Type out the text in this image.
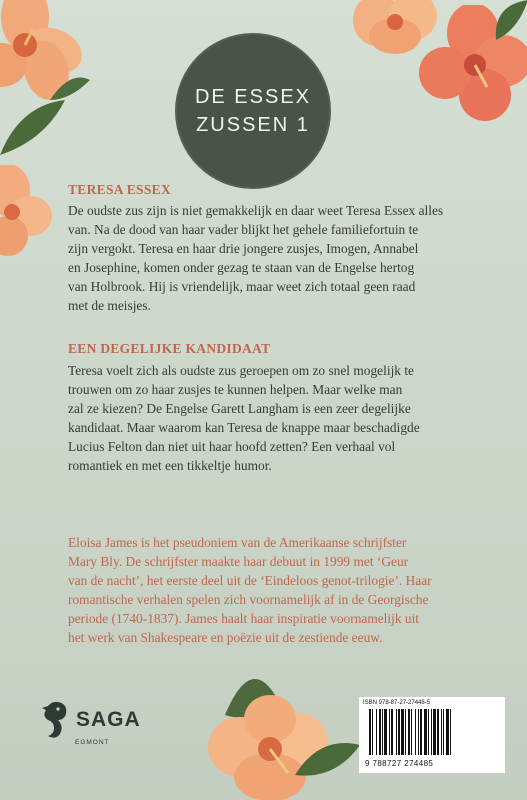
DE ESSEX
ZUSSEN 1
TERESA ESSEX

De oudste zus zijn is niet gemakkelijk en daar weet Teresa Essex alles
van. Na de dood van haar vader blijkt het gehele familiefortuin te
zijn vergokt. Teresa en haar drie jongere zusjes, Imogen, Annabel
en Josephine, komen onder gezag te staan van de Engelse hertog
van Holbrook. Hij is vriendelijk, maar weet zich totaal geen raad
met de meisjes.

EEN DEGELIJKE KANDIDAAT

Teresa voelt zich als oudste zus geroepen om zo snel mogelijk te
trouwen om zo haar zusjes te kunnen helpen. Maar welke man
zal ze kiezen? De Engelse Garett Langham is een zeer degelijke
kandidaat. Maar waarom kan Teresa de knappe maar beschadigde
Lucius Felton dan niet uit haar hoofd zetten? Een verhaal vol
romantiek en met een tikkeltje humor.

Eloisa James is het pseudoniem van de Amerikaanse schrijfster
Mary Bly. De schrijfster maakte haar debuut in 1999 met ‘Geur
van de nacht’, het eerste deel uit de ‘Eindeloos genot-trilogie’. Haar
romantische verhalen spelen zich voornamelijk af in de Georgische
periode (1740-1837). James haalt haar inspiratie voornamelijk uit
het werk van Shakespeare en poëzie uit de zestiende eeuw.

SAGA
EGMONT
ISBN 978-87-27-27448-5
9 788727 274485
